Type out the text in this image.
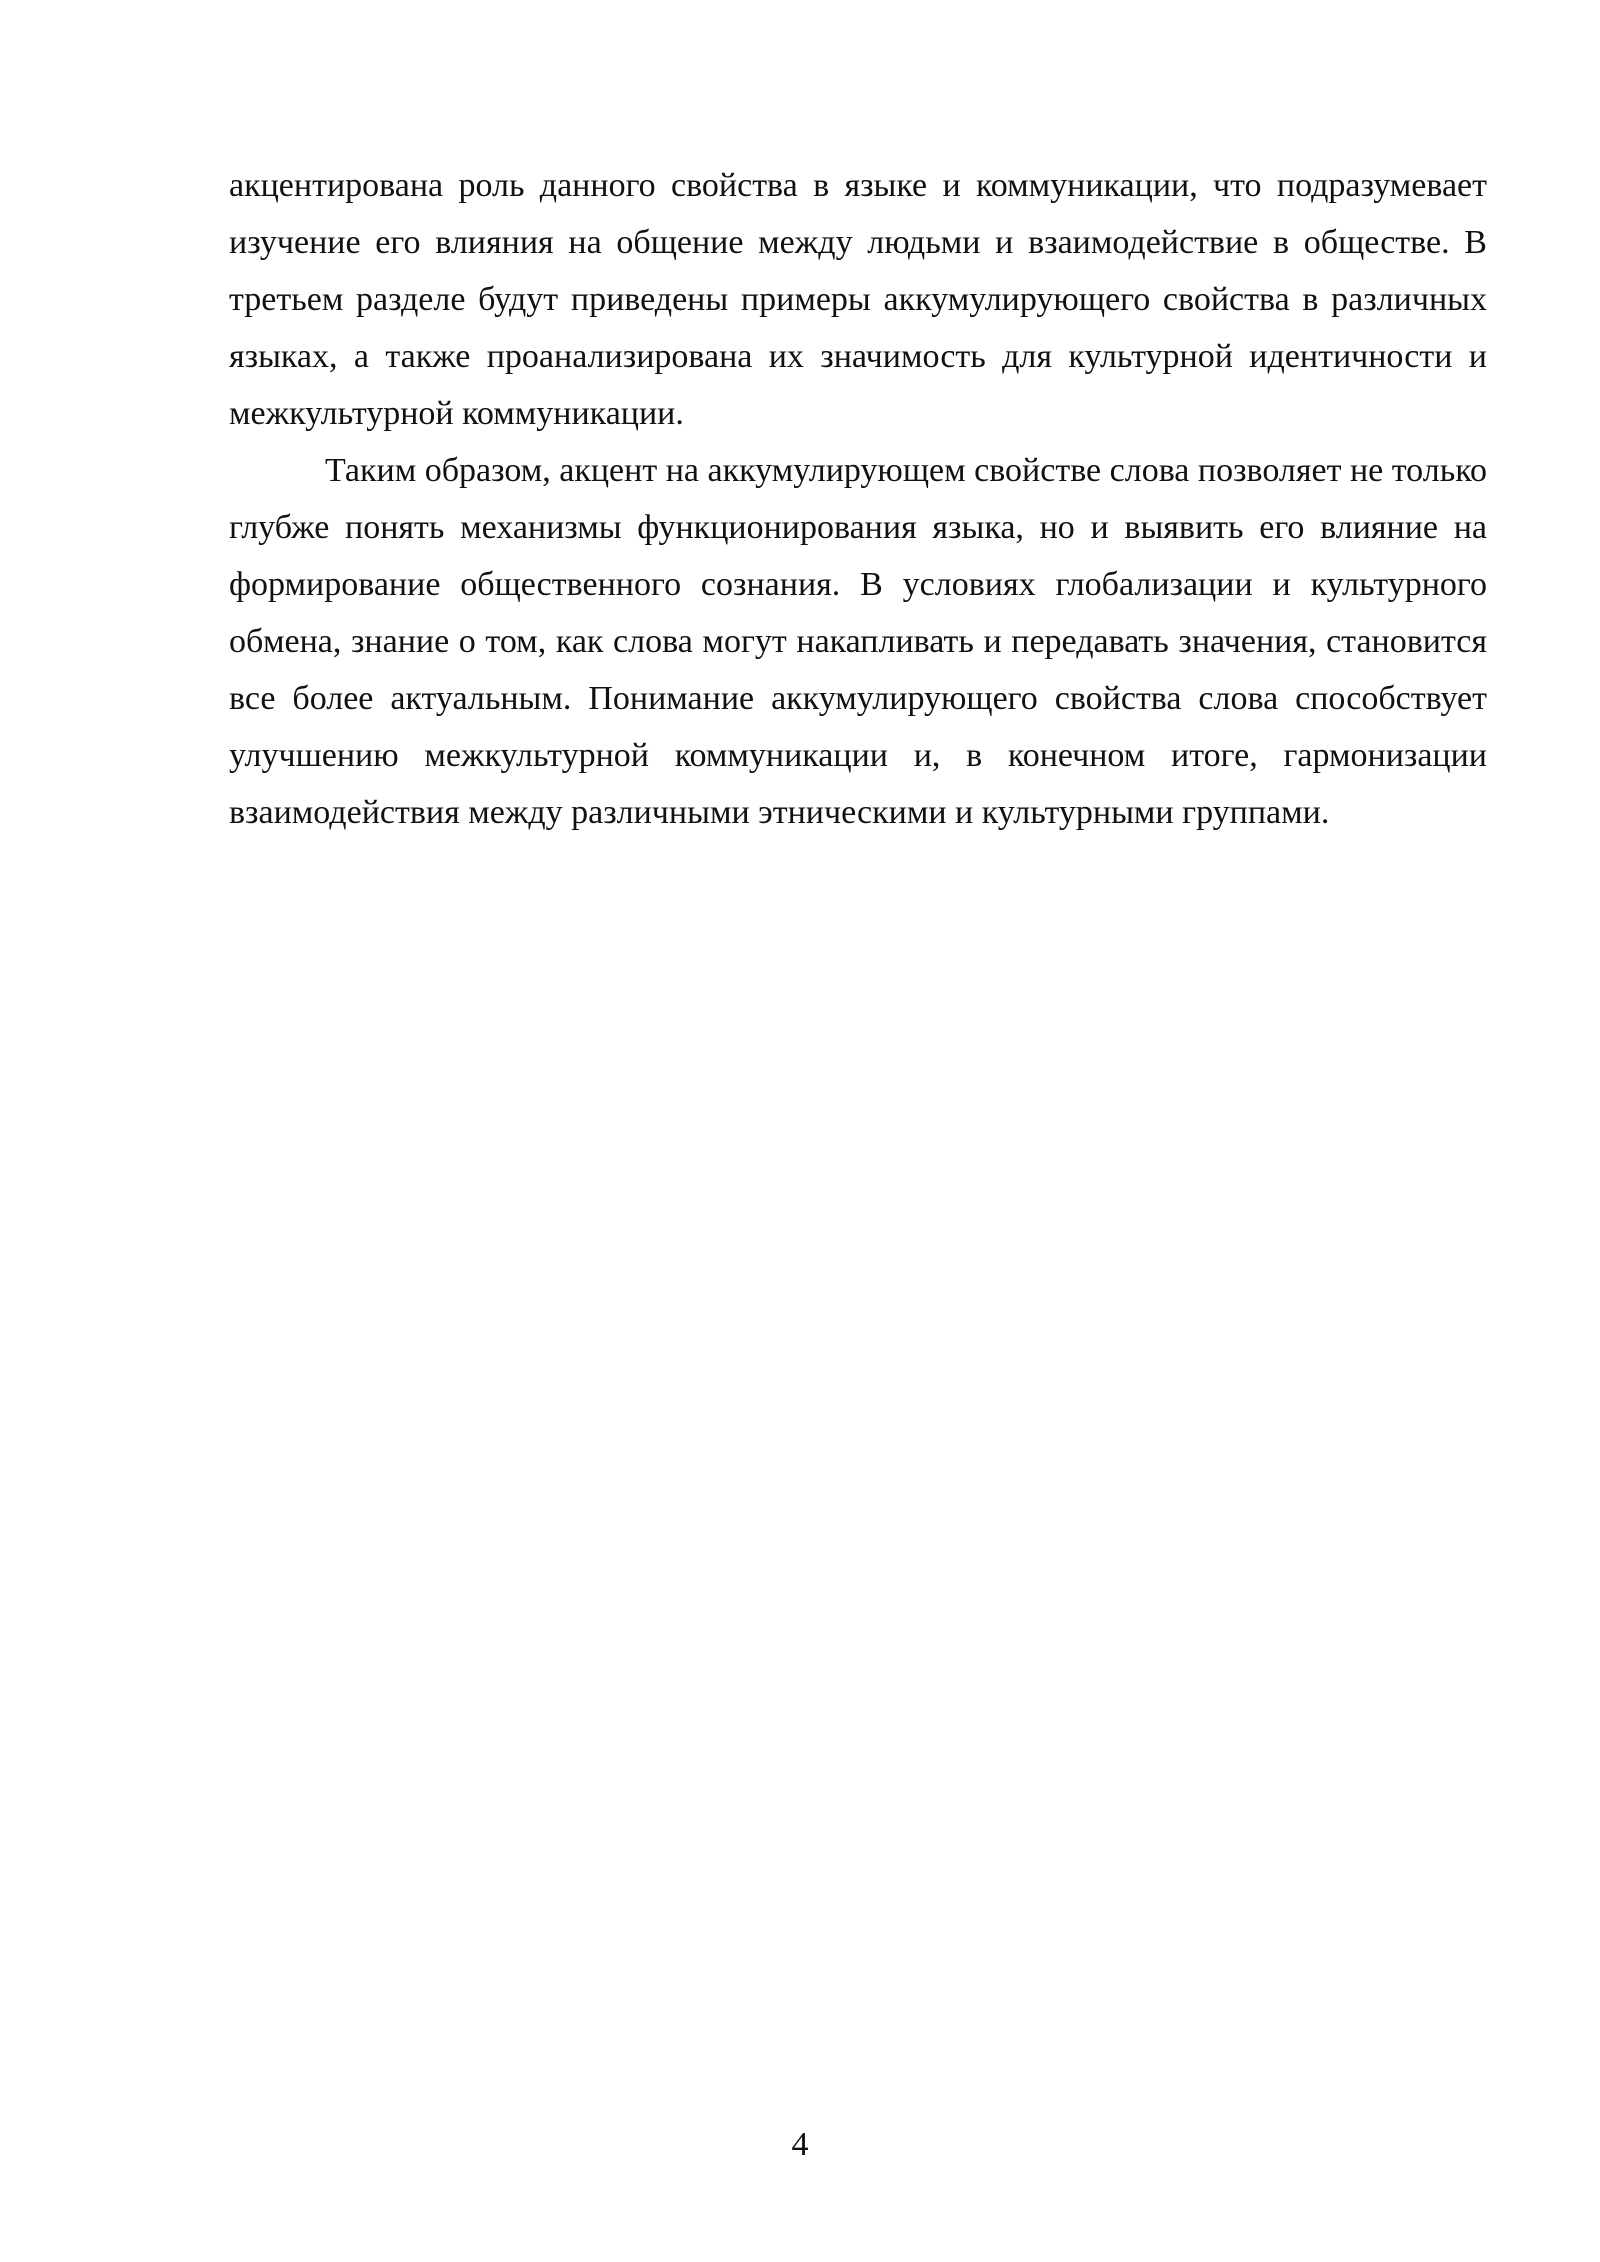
акцентирована роль данного свойства в языке и коммуникации, что подразумевает изучение его влияния на общение между людьми и взаимодействие в обществе. В третьем разделе будут приведены примеры аккумулирующего свойства в различных языках, а также проанализирована их значимость для культурной идентичности и межкультурной коммуникации.

Таким образом, акцент на аккумулирующем свойстве слова позволяет не только глубже понять механизмы функционирования языка, но и выявить его влияние на формирование общественного сознания. В условиях глобализации и культурного обмена, знание о том, как слова могут накапливать и передавать значения, становится все более актуальным. Понимание аккумулирующего свойства слова способствует улучшению межкультурной коммуникации и, в конечном итоге, гармонизации взаимодействия между различными этническими и культурными группами.

4
